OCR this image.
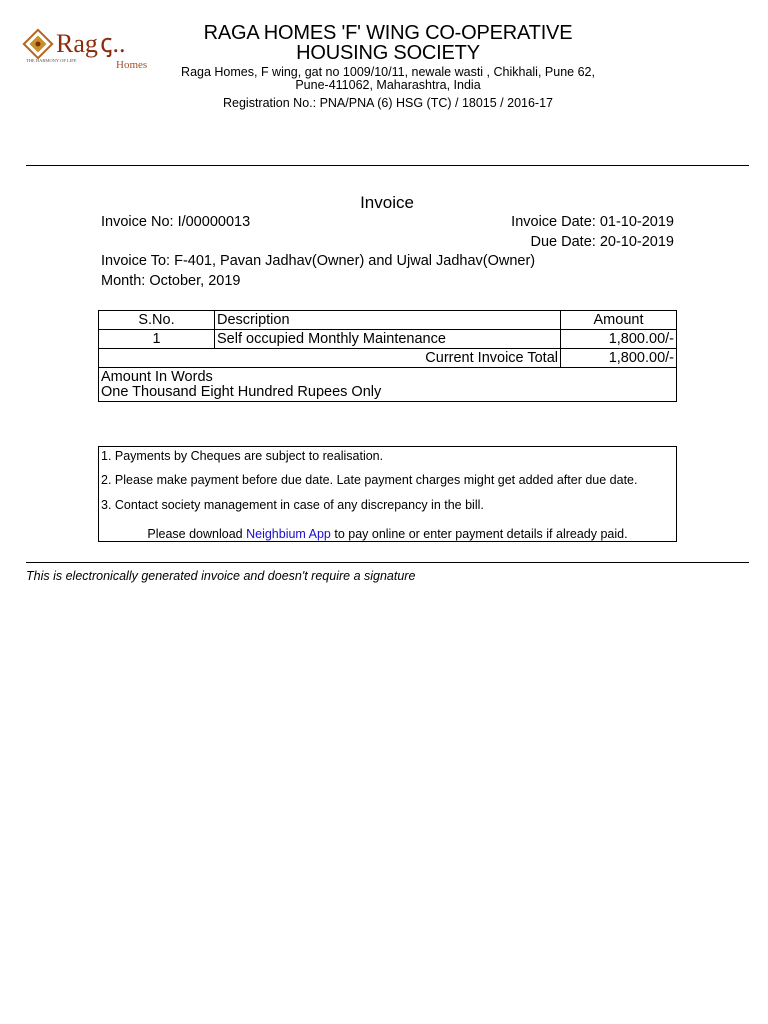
Rag ꞔ..
Homes
THE HARMONY OF LIFE
RAGA HOMES 'F' WING CO-OPERATIVE
HOUSING SOCIETY
Raga Homes, F wing, gat no 1009/10/11, newale wasti , Chikhali, Pune 62,
Pune-411062, Maharashtra, India
Registration No.: PNA/PNA (6) HSG (TC) / 18015 / 2016-17
Invoice
Invoice No: I/00000013	Invoice Date: 01-10-2019
Due Date: 20-10-2019
Invoice To: F-401, Pavan Jadhav(Owner) and Ujwal Jadhav(Owner)
Month: October, 2019
S.No.	Description	Amount
1	Self occupied Monthly Maintenance	1,800.00/-
Current Invoice Total		1,800.00/-

Amount In Words
One Thousand Eight Hundred Rupees Only		
1. Payments by Cheques are subject to realisation.
2. Please make payment before due date. Late payment charges might get added after due date.
3. Contact society management in case of any discrepancy in the bill.
Please download Neighbium App to pay online or enter payment details if already paid.
This is electronically generated invoice and doesn't require a signature
